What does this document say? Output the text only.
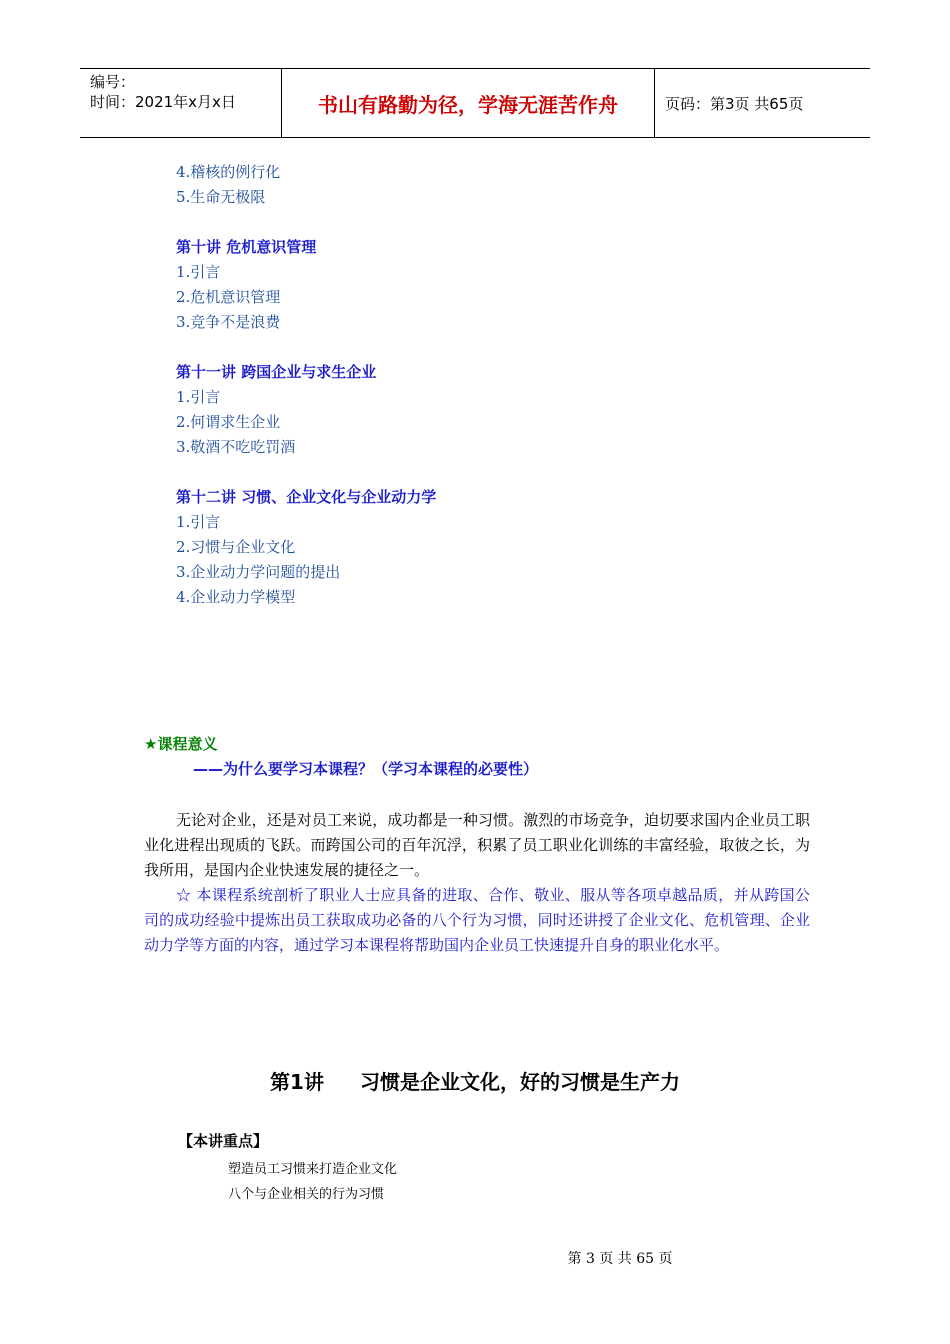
编号：
时间：2021年x月x日	书山有路勤为径，学海无涯苦作舟	页码：第3页 共65页
4.稽核的例行化
5.生命无极限
第十讲 危机意识管理
1.引言
2.危机意识管理
3.竞争不是浪费
第十一讲 跨国企业与求生企业
1.引言
2.何谓求生企业
3.敬酒不吃吃罚酒
第十二讲 习惯、企业文化与企业动力学
1.引言
2.习惯与企业文化
3.企业动力学问题的提出
4.企业动力学模型
★课程意义
——为什么要学习本课程？（学习本课程的必要性）
无论对企业，还是对员工来说，成功都是一种习惯。激烈的市场竞争，迫切要求国内企业员工职业化进程出现质的飞跃。而跨国公司的百年沉浮，积累了员工职业化训练的丰富经验，取彼之长，为我所用，是国内企业快速发展的捷径之一。
☆ 本课程系统剖析了职业人士应具备的进取、合作、敬业、服从等各项卓越品质，并从跨国公司的成功经验中提炼出员工获取成功必备的八个行为习惯，同时还讲授了企业文化、危机管理、企业动力学等方面的内容，通过学习本课程将帮助国内企业员工快速提升自身的职业化水平。
第1讲 习惯是企业文化，好的习惯是生产力
【本讲重点】
塑造员工习惯来打造企业文化
八个与企业相关的行为习惯
第 3 页 共 65 页
